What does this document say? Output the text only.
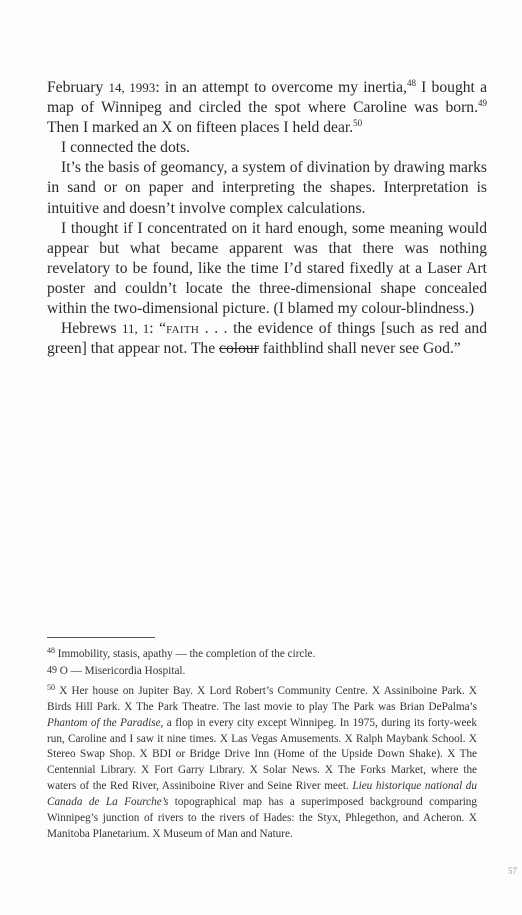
February 14, 1993: in an attempt to overcome my inertia,$^{48}$ I bought a map of Winnipeg and circled the spot where Caroline was born.$^{49}$ Then I marked an X on fifteen places I held dear.$^{50}$

I connected the dots.

It’s the basis of geomancy, a system of divination by drawing marks in sand or on paper and interpreting the shapes. Interpretation is intuitive and doesn’t involve complex calculations.

I thought if I concentrated on it hard enough, some meaning would appear but what became apparent was that there was nothing revelatory to be found, like the time I’d stared fixedly at a Laser Art poster and couldn’t locate the three-dimensional shape concealed within the two-dimensional picture. (I blamed my colour-blindness.)

Hebrews 11, 1: “faith . . . the evidence of things [such as red and green] that appear not. The colour faithblind shall never see God.”

$^{48}$ Immobility, stasis, apathy — the completion of the circle.

49 O — Misericordia Hospital.

$^{50}$ X Her house on Jupiter Bay. X Lord Robert’s Community Centre. X Assiniboine Park. X Birds Hill Park. X The Park Theatre. The last movie to play The Park was Brian DePalma’s Phantom of the Paradise, a flop in every city except Winnipeg. In 1975, during its forty-week run, Caroline and I saw it nine times. X Las Vegas Amusements. X Ralph Maybank School. X Stereo Swap Shop. X BDI or Bridge Drive Inn (Home of the Upside Down Shake). X The Centennial Library. X Fort Garry Library. X Solar News. X The Forks Market, where the waters of the Red River, Assiniboine River and Seine River meet. Lieu historique national du Canada de La Fourche’s topographical map has a superimposed background comparing Winnipeg’s junction of rivers to the rivers of Hades: the Styx, Phlegethon, and Acheron. X Manitoba Planetarium. X Museum of Man and Nature.

57
